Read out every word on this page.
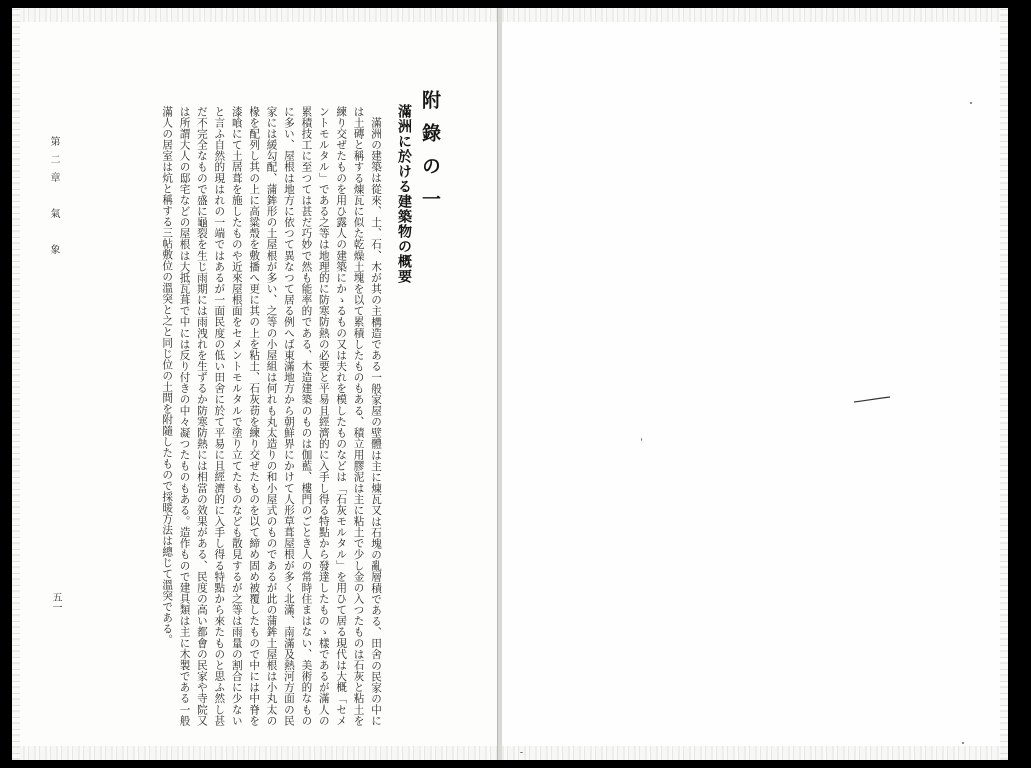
附錄の一
滿洲に於ける建築物の概要

滿洲の建築は從來、土、石、木が其の主構造である一般家屋の壁體は主に煉瓦又は石塊の亂層積である、田舍の民家の中には土磚と稱する煉瓦に似た乾燥土塊を以て累積したものもある、積立用膠泥は主に粘土で少し金の入つたものは石灰と粘土を練り交ぜたものを用ひ露人の建築にかゝるもの又は夫れを模したものなどは「石灰モルタル」を用ひて居る現代は大概「セメントモルタル」である之等は地理的に防寒防熱の必要と平易且經濟的に入手し得る特點から發達したものゝ樣であるが滿人の累積技工に至つては甚だ巧妙で然も能率的である、木造建築のものは伽藍、樓門のごとき人の常時住まはない、美術的なものに多い、屋根は地方に依つて異なつて居る例へば東滿地方から朝鮮界にかけて人形草葺屋根が多く北滿、南滿及熱河方面の民家には緩勾配、蒲鉾形の土屋根が多い、之等の小屋組は何れも丸太造りの和小屋式のものであるが此の蒲鉾土屋根は小丸太の椽を配列し其の上に高粱殼を敷播へ更に其の上を粘土、石灰苆を練り交ぜたものを以て締め固め被覆したもので中には中脊を漆喰にて土居葺を施したものや近來屋根面をセメントモルタルで塗り立てたものなども散見するが之等は雨量の割合に少ないと言ふ自然的現はれの一端ではあるが一面民度の低い田舍に於て平易に且經濟的に入手し得る特點から來たものと思ふ然し甚だ不完全なもので盛に龜裂を生じ雨期には雨洩れを生ずるか防寒防熱には相當の效果がある、民度の高い都會の民家や寺院又は所謂大人の邸宅などの屋根は大抵瓦葺で中には反り付きの中々凝つたものもある。造作もので建具類は主に木製である一般滿人の居室は炕と稱する三帖敷位の溫突と之と同じ位の土間を附隨したもので採暖方法は總じて溫突である。

第二章　氣　象
五一
